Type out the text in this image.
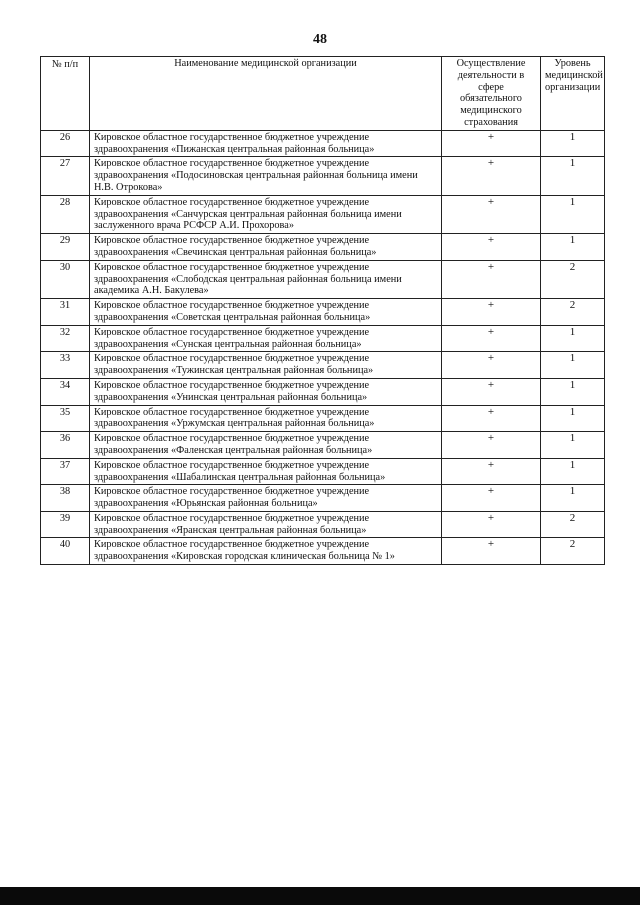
48
№ п/п	Наименование медицинской организации	Осуществление деятельности в сфере обязательного медицинского страхования	Уровень медицинской организации
26	Кировское областное государственное бюджетное учреждение здравоохранения «Пижанская центральная районная больница»	+	1
27	Кировское областное государственное бюджетное учреждение здравоохранения «Подосиновская центральная районная больница имени Н.В. Отрокова»	+	1
28	Кировское областное государственное бюджетное учреждение здравоохранения «Санчурская центральная районная больница имени заслуженного врача РСФСР А.И. Прохорова»	+	1
29	Кировское областное государственное бюджетное учреждение здравоохранения «Свечинская центральная районная больница»	+	1
30	Кировское областное государственное бюджетное учреждение здравоохранения «Слободская центральная районная больница имени академика А.Н. Бакулева»	+	2
31	Кировское областное государственное бюджетное учреждение здравоохранения «Советская центральная районная больница»	+	2
32	Кировское областное государственное бюджетное учреждение здравоохранения «Сунская центральная районная больница»	+	1
33	Кировское областное государственное бюджетное учреждение здравоохранения «Тужинская центральная районная больница»	+	1
34	Кировское областное государственное бюджетное учреждение здравоохранения «Унинская центральная районная больница»	+	1
35	Кировское областное государственное бюджетное учреждение здравоохранения «Уржумская центральная районная больница»	+	1
36	Кировское областное государственное бюджетное учреждение здравоохранения «Фаленская центральная районная больница»	+	1
37	Кировское областное государственное бюджетное учреждение здравоохранения «Шабалинская центральная районная больница»	+	1
38	Кировское областное государственное бюджетное учреждение здравоохранения «Юрьянская районная больница»	+	1
39	Кировское областное государственное бюджетное учреждение здравоохранения «Яранская центральная районная больница»	+	2
40	Кировское областное государственное бюджетное учреждение здравоохранения «Кировская городская клиническая больница № 1»	+	2
